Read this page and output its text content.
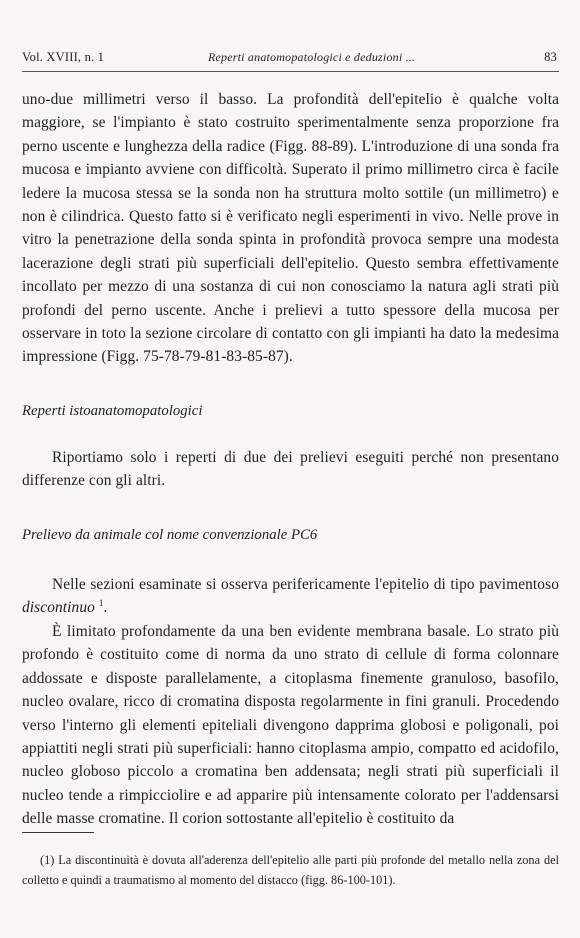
Vol. XVIII, n. 1	Reperti anatomopatologici e deduzioni ...	83

uno-due millimetri verso il basso. La profondità dell'epitelio è qualche volta maggiore, se l'impianto è stato costruito sperimentalmente senza proporzione fra perno uscente e lunghezza della radice (Figg. 88-89). L'introduzione di una sonda fra mucosa e impianto avviene con difficoltà. Superato il primo millimetro circa è facile ledere la mucosa stessa se la sonda non ha struttura molto sottile (un millimetro) e non è cilindrica. Questo fatto si è verificato negli esperimenti in vivo. Nelle prove in vitro la penetrazione della sonda spinta in profondità provoca sempre una modesta lacerazione degli strati più superficiali dell'epitelio. Questo sembra effettivamente incollato per mezzo di una sostanza di cui non conosciamo la natura agli strati più profondi del perno uscente. Anche i prelievi a tutto spessore della mucosa per osservare in toto la sezione circolare di contatto con gli impianti ha dato la medesima impressione (Figg. 75-78-79-81-83-85-87).

Reperti istoanatomopatologici

Riportiamo solo i reperti di due dei prelievi eseguiti perché non presentano differenze con gli altri.

Prelievo da animale col nome convenzionale PC6

Nelle sezioni esaminate si osserva perifericamente l'epitelio di tipo pavimentoso discontinuo $^1$.

È limitato profondamente da una ben evidente membrana basale. Lo strato più profondo è costituito come di norma da uno strato di cellule di forma colonnare addossate e disposte parallelamente, a citoplasma finemente granuloso, basofilo, nucleo ovalare, ricco di cromatina disposta regolarmente in fini granuli. Procedendo verso l'interno gli elementi epiteliali divengono dapprima globosi e poligonali, poi appiattiti negli strati più superficiali: hanno citoplasma ampio, compatto ed acidofilo, nucleo globoso piccolo a cromatina ben addensata; negli strati più superficiali il nucleo tende a rimpicciolire e ad apparire più intensamente colorato per l'addensarsi delle masse cromatine. Il corion sottostante all'epitelio è costituito da

(1) La discontinuità è dovuta all'aderenza dell'epitelio alle parti più profonde del metallo nella zona del colletto e quindi a traumatismo al momento del distacco (figg. 86-100-101).
